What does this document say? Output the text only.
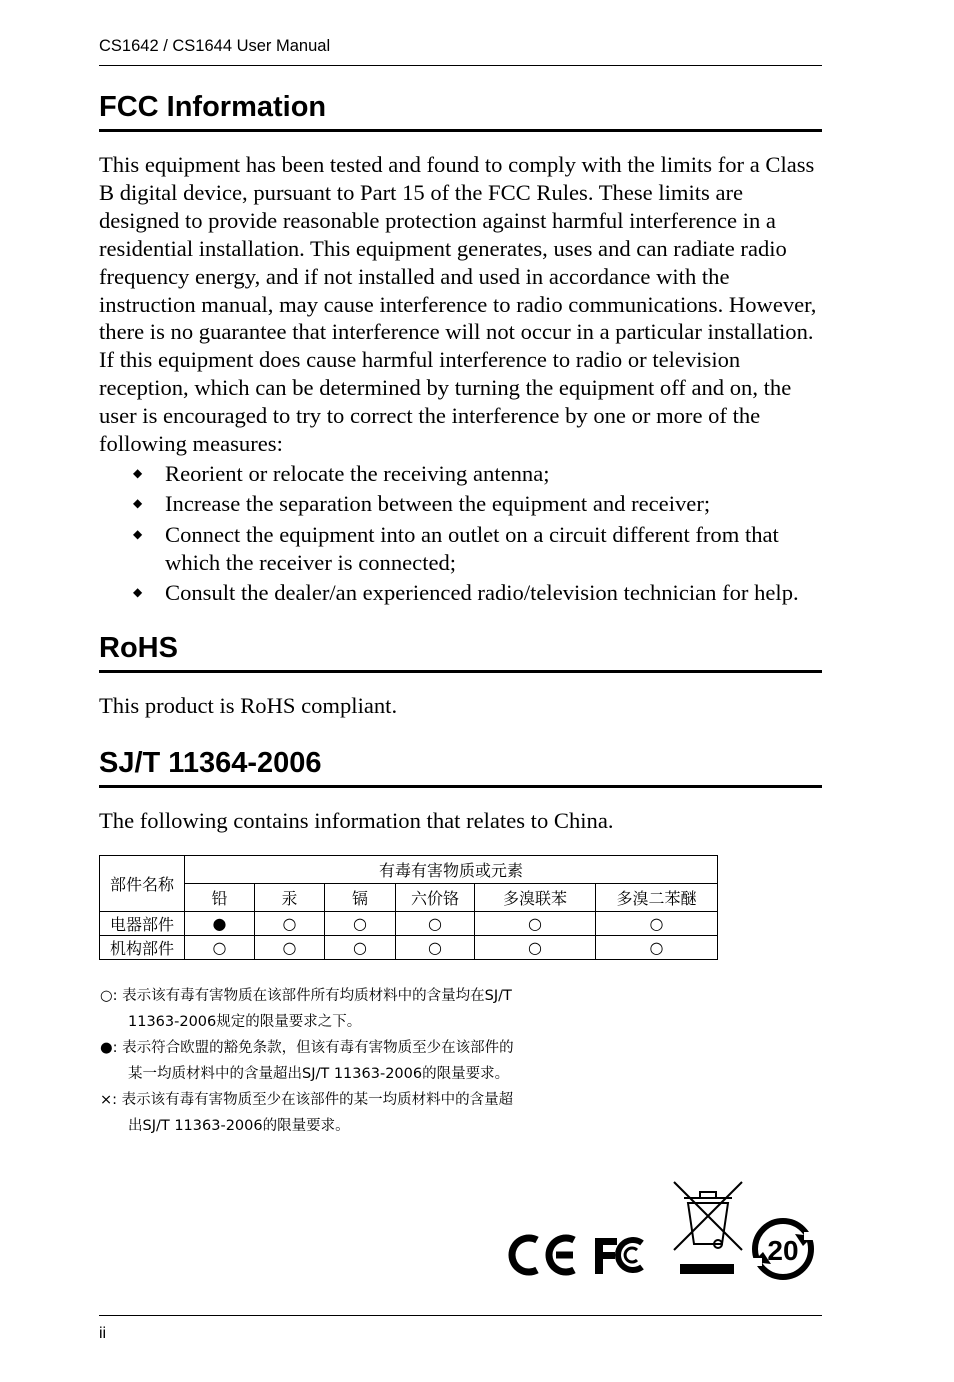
CS1642 / CS1644 User Manual
FCC Information

This equipment has been tested and found to comply with the limits for a Class B digital device, pursuant to Part 15 of the FCC Rules. These limits are designed to provide reasonable protection against harmful interference in a residential installation. This equipment generates, uses and can radiate radio frequency energy, and if not installed and used in accordance with the instruction manual, may cause interference to radio communications. However, there is no guarantee that interference will not occur in a particular installation. If this equipment does cause harmful interference to radio or television reception, which can be determined by turning the equipment off and on, the user is encouraged to try to correct the interference by one or more of the following measures:

◆ Reorient or relocate the receiving antenna;
◆ Increase the separation between the equipment and receiver;
◆ Connect the equipment into an outlet on a circuit different from that which the receiver is connected;
◆ Consult the dealer/an experienced radio/television technician for help.
RoHS

This product is RoHS compliant.

SJ/T 11364-2006

The following contains information that relates to China.

部件名称	有毒有害物质或元素					
	铅	汞	镉	六价铬	多溴联苯	多溴二苯醚
电器部件	●	○	○	○	○	○
机构部件	○	○	○	○	○	○
○: 表示该有毒有害物质在该部件所有均质材料中的含量均在SJ/T
11363-2006规定的限量要求之下。
●: 表示符合欧盟的豁免条款，但该有毒有害物质至少在该部件的
某一均质材料中的含量超出SJ/T 11363-2006的限量要求。
×: 表示该有毒有害物质至少在该部件的某一均质材料中的含量超
出SJ/T 11363-2006的限量要求。
20
ii
